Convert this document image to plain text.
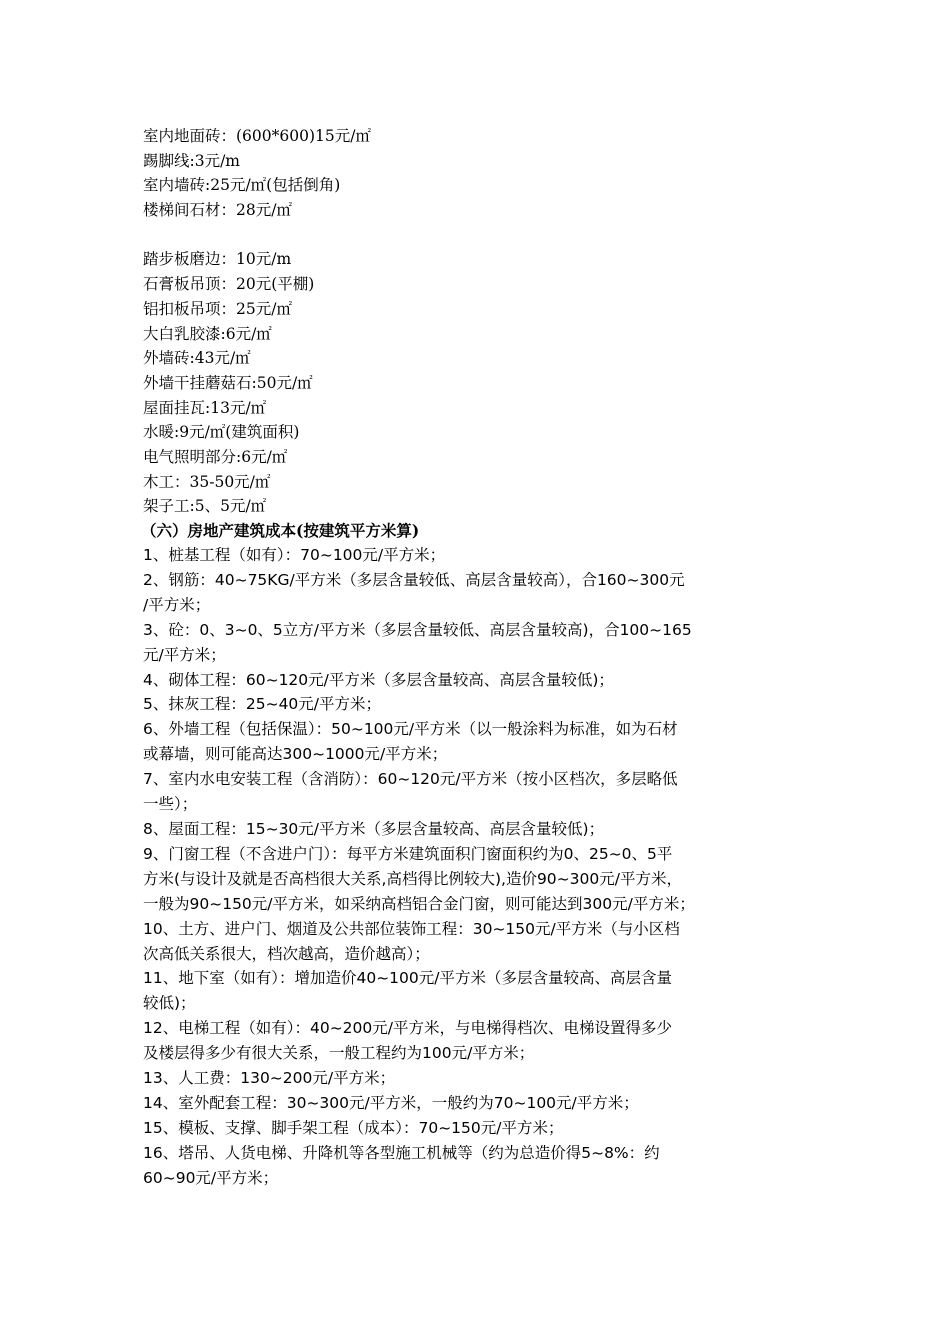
室内地面砖：(600*600)15元/㎡
踢脚线:3元/m
室内墙砖:25元/㎡(包括倒角)
楼梯间石材：28元/㎡
踏步板磨边：10元/m
石膏板吊顶：20元(平棚)
铝扣板吊项：25元/㎡
大白乳胶漆:6元/㎡
外墙砖:43元/㎡
外墙干挂蘑菇石:50元/㎡
屋面挂瓦:13元/㎡
水暖:9元/㎡(建筑面积)
电气照明部分:6元/㎡
木工：35-50元/㎡
架子工:5、5元/㎡
（六）房地产建筑成本(按建筑平方米算)
1、桩基工程（如有）：70~100元/平方米；
2、钢筋：40~75KG/平方米（多层含量较低、高层含量较高），合160~300元
/平方米；
3、砼：0、3~0、5立方/平方米（多层含量较低、高层含量较高)，合100~165
元/平方米；
4、砌体工程：60~120元/平方米（多层含量较高、高层含量较低)；
5、抹灰工程：25~40元/平方米；
6、外墙工程（包括保温）：50~100元/平方米（以一般涂料为标准，如为石材
或幕墙，则可能高达300~1000元/平方米；
7、室内水电安装工程（含消防）：60~120元/平方米（按小区档次，多层略低
一些）；
8、屋面工程：15~30元/平方米（多层含量较高、高层含量较低)；
9、门窗工程（不含进户门）：每平方米建筑面积门窗面积约为0、25~0、5平
方米(与设计及就是否高档很大关系,高档得比例较大),造价90~300元/平方米，
一般为90~150元/平方米，如采纳高档铝合金门窗，则可能达到300元/平方米；
10、土方、进户门、烟道及公共部位装饰工程：30~150元/平方米（与小区档
次高低关系很大，档次越高，造价越高）；
11、地下室（如有）：增加造价40~100元/平方米（多层含量较高、高层含量
较低)；
12、电梯工程（如有）：40~200元/平方米，与电梯得档次、电梯设置得多少
及楼层得多少有很大关系，一般工程约为100元/平方米；
13、人工费：130~200元/平方米；
14、室外配套工程：30~300元/平方米，一般约为70~100元/平方米；
15、模板、支撑、脚手架工程（成本）：70~150元/平方米；
16、塔吊、人货电梯、升降机等各型施工机械等（约为总造价得5~8%：约
60~90元/平方米；
